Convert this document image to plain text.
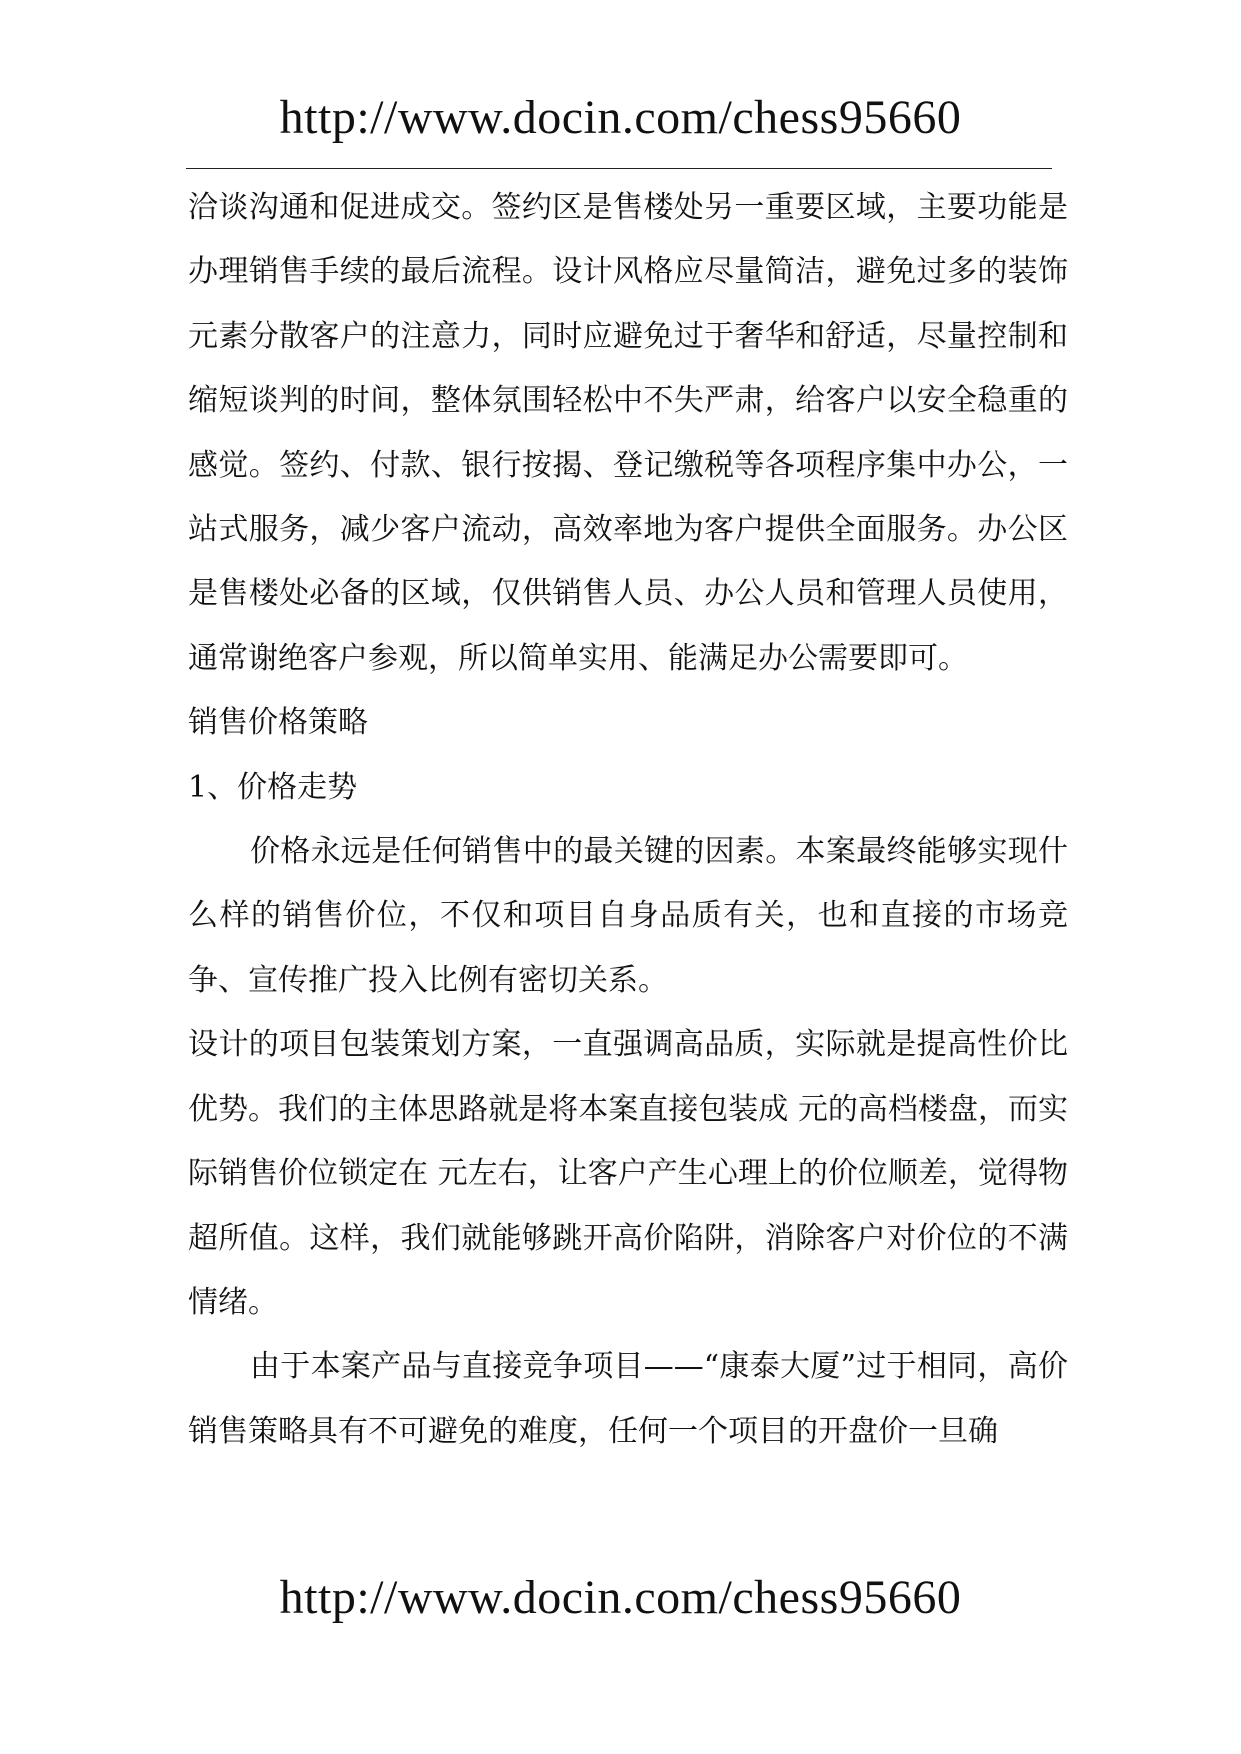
http://www.docin.com/chess95660

洽谈沟通和促进成交。签约区是售楼处另一重要区域，主要功能是办理销售手续的最后流程。设计风格应尽量简洁，避免过多的装饰元素分散客户的注意力，同时应避免过于奢华和舒适，尽量控制和缩短谈判的时间，整体氛围轻松中不失严肃，给客户以安全稳重的感觉。签约、付款、银行按揭、登记缴税等各项程序集中办公，一站式服务，减少客户流动，高效率地为客户提供全面服务。办公区是售楼处必备的区域，仅供销售人员、办公人员和管理人员使用，通常谢绝客户参观，所以简单实用、能满足办公需要即可。

销售价格策略

1、价格走势

价格永远是任何销售中的最关键的因素。本案最终能够实现什么样的销售价位，不仅和项目自身品质有关，也和直接的市场竞争、宣传推广投入比例有密切关系。

设计的项目包装策划方案，一直强调高品质，实际就是提高性价比优势。我们的主体思路就是将本案直接包装成 元的高档楼盘，而实际销售价位锁定在 元左右，让客户产生心理上的价位顺差，觉得物超所值。这样，我们就能够跳开高价陷阱，消除客户对价位的不满情绪。

由于本案产品与直接竞争项目——“康泰大厦”过于相同，高价销售策略具有不可避免的难度，任何一个项目的开盘价一旦确

http://www.docin.com/chess95660
